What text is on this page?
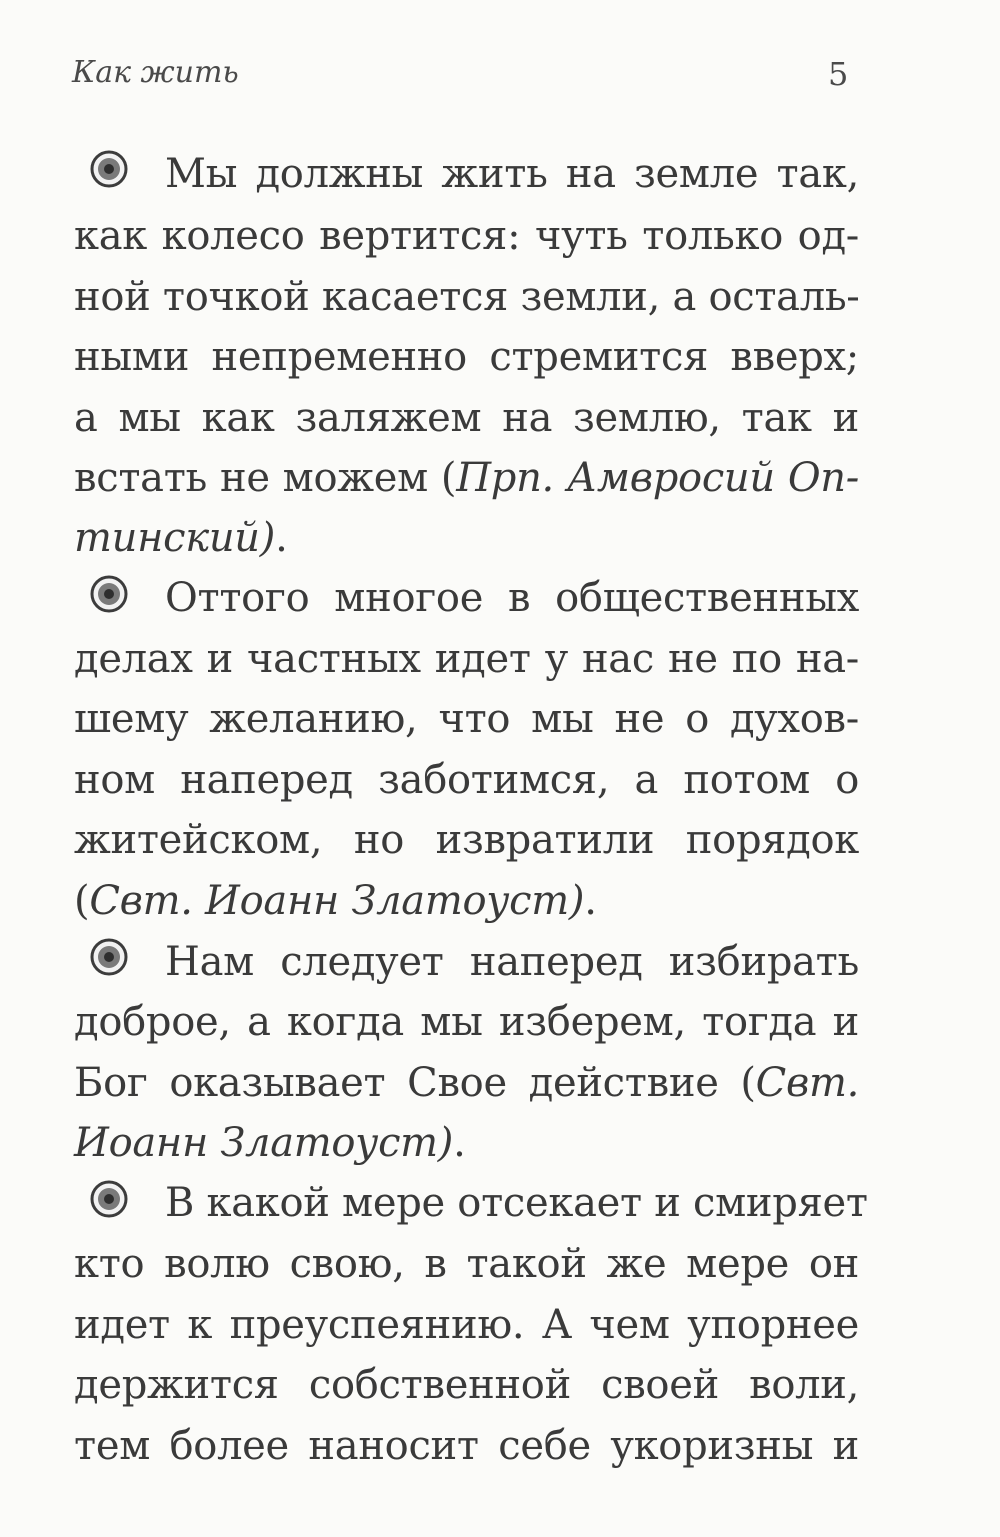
Как жить	5
Мы должны жить на земле так,
как колесо вертится: чуть только од-
ной точкой касается земли, а осталь-
ными непременно стремится вверх;
а мы как заляжем на землю, так и
встать не можем (Прп. Амвросий Оп-
тинский).
Оттого многое в общественных
делах и частных идет у нас не по на-
шему желанию, что мы не о духов-
ном наперед заботимся, а потом о
житейском, но извратили порядок
(Свт. Иоанн Златоуст).
Нам следует наперед избирать
доброе, а когда мы изберем, тогда и
Бог оказывает Свое действие (Свт.
Иоанн Златоуст).
В какой мере отсекает и смиряет
кто волю свою, в такой же мере он
идет к преуспеянию. А чем упорнее
держится собственной своей воли,
тем более наносит себе укоризны и
